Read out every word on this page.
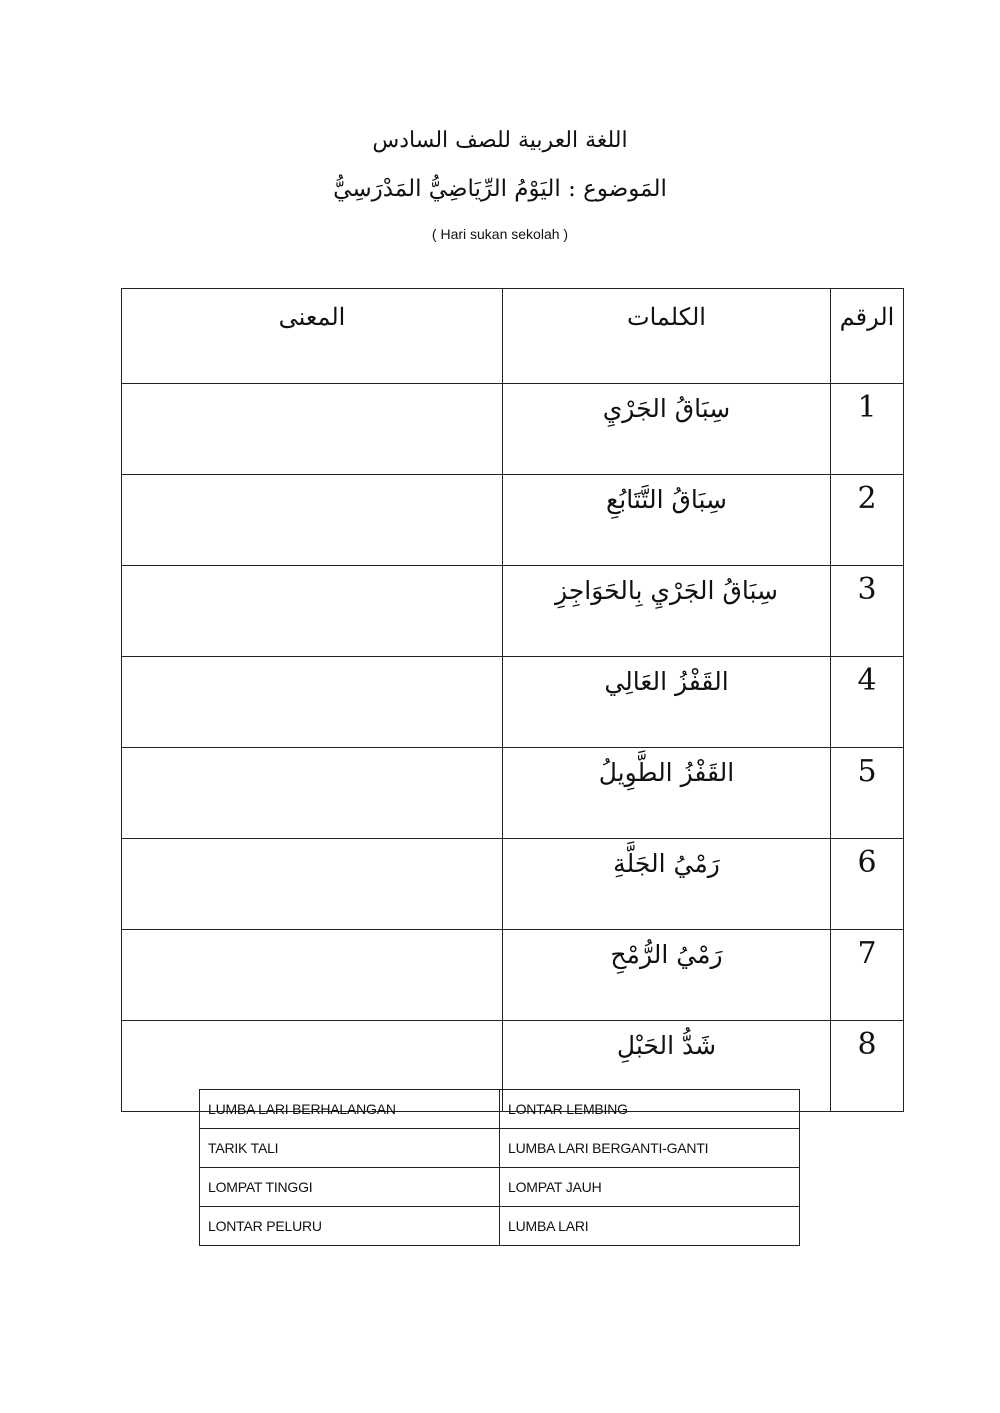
اللغة العربية للصف السادس
المَوضوع : اليَوْمُ الرِّيَاضِيُّ المَدْرَسِيُّ
( Hari sukan sekolah )
المعنى	الكلمات	الرقم
	سِبَاقُ الجَرْيِ	1
	سِبَاقُ التَّتَابُعِ	2
	سِبَاقُ الجَرْيِ بِالحَوَاجِزِ	3
	القَفْزُ العَالِي	4
	القَفْزُ الطَّوِيلُ	5
	رَمْيُ الجَلَّةِ	6
	رَمْيُ الرُّمْحِ	7
	شَدُّ الحَبْلِ	8
LUMBA LARI BERHALANGAN	LONTAR LEMBING
TARIK TALI	LUMBA LARI BERGANTI-GANTI
LOMPAT TINGGI	LOMPAT JAUH
LONTAR PELURU	LUMBA LARI
